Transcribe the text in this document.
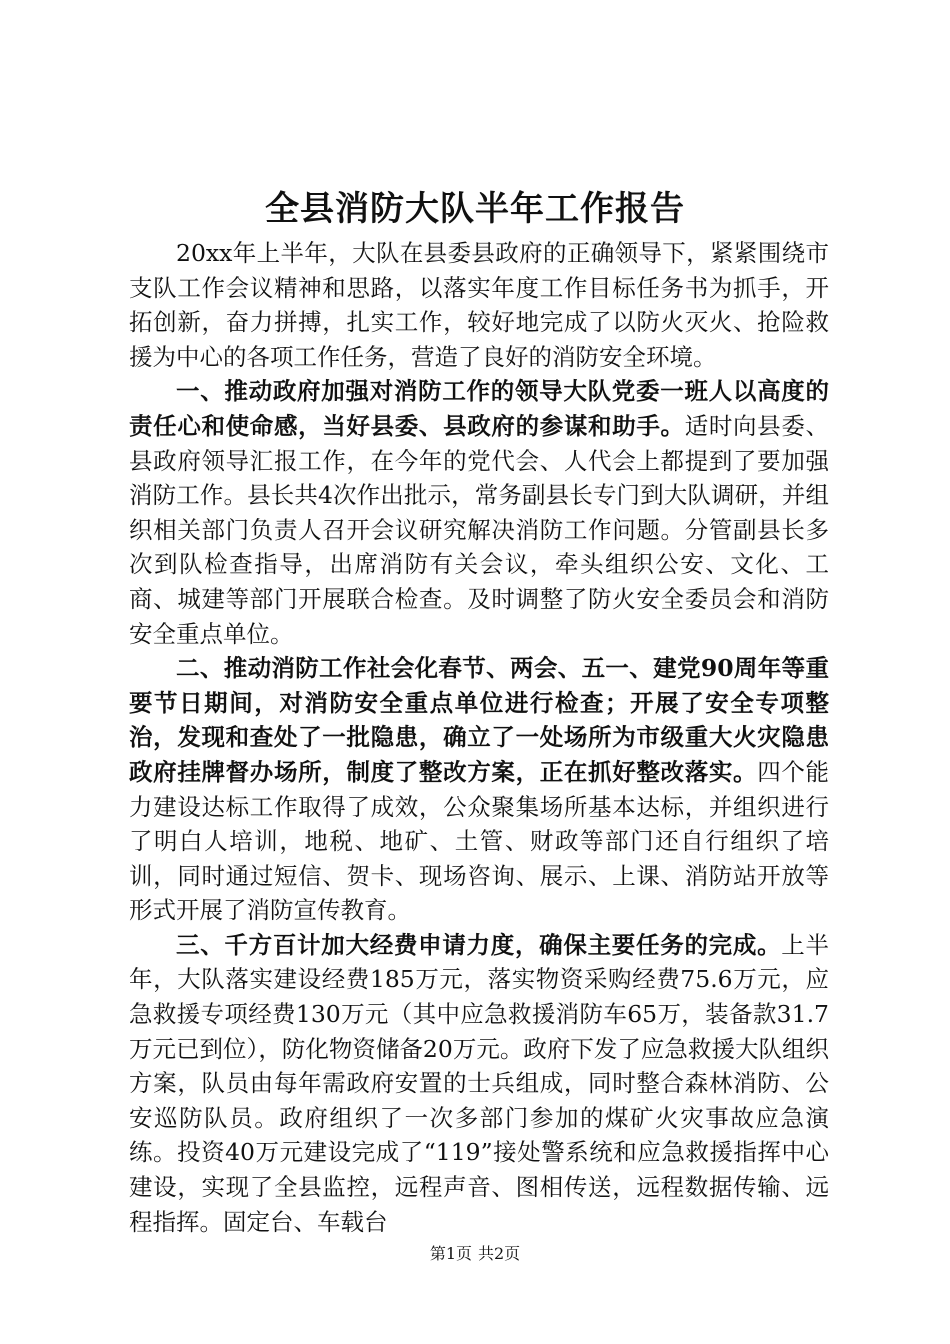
全县消防大队半年工作报告

20xx年上半年，大队在县委县政府的正确领导下，紧紧围绕市支队工作会议精神和思路，以落实年度工作目标任务书为抓手，开拓创新，奋力拼搏，扎实工作，较好地完成了以防火灭火、抢险救援为中心的各项工作任务，营造了良好的消防安全环境。

一、推动政府加强对消防工作的领导大队党委一班人以高度的责任心和使命感，当好县委、县政府的参谋和助手。适时向县委、县政府领导汇报工作，在今年的党代会、人代会上都提到了要加强消防工作。县长共4次作出批示，常务副县长专门到大队调研，并组织相关部门负责人召开会议研究解决消防工作问题。分管副县长多次到队检查指导，出席消防有关会议，牵头组织公安、文化、工商、城建等部门开展联合检查。及时调整了防火安全委员会和消防安全重点单位。

二、推动消防工作社会化春节、两会、五一、建党90周年等重要节日期间，对消防安全重点单位进行检查；开展了安全专项整治，发现和查处了一批隐患，确立了一处场所为市级重大火灾隐患政府挂牌督办场所，制度了整改方案，正在抓好整改落实。四个能力建设达标工作取得了成效，公众聚集场所基本达标，并组织进行了明白人培训，地税、地矿、土管、财政等部门还自行组织了培训，同时通过短信、贺卡、现场咨询、展示、上课、消防站开放等形式开展了消防宣传教育。

三、千方百计加大经费申请力度，确保主要任务的完成。上半年，大队落实建设经费185万元，落实物资采购经费75.6万元，应急救援专项经费130万元（其中应急救援消防车65万，装备款31.7万元已到位），防化物资储备20万元。政府下发了应急救援大队组织方案，队员由每年需政府安置的士兵组成，同时整合森林消防、公安巡防队员。政府组织了一次多部门参加的煤矿火灾事故应急演练。投资40万元建设完成了“119”接处警系统和应急救援指挥中心建设，实现了全县监控，远程声音、图相传送，远程数据传输、远程指挥。固定台、车载台

第1页 共2页
